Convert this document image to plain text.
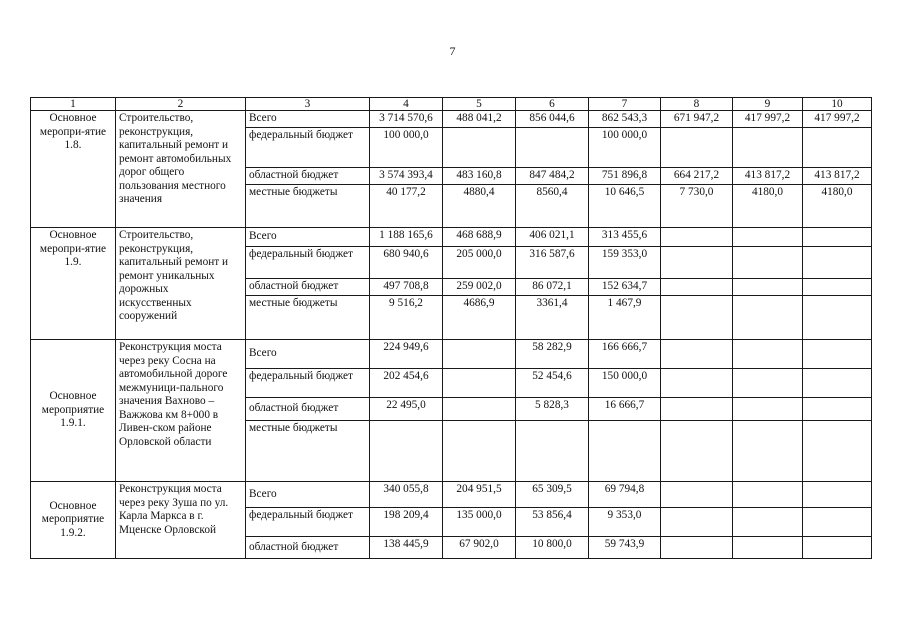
7
1	2	3	4	5	6	7	8	9	10
Основное меропри-ятие 1.8.	Строительство, реконструкция, капитальный ремонт и ремонт автомобильных дорог общего пользования местного значения	Всего	3 714 570,6	488 041,2	856 044,6	862 543,3	671 947,2	417 997,2	417 997,2
		федеральный бюджет	100 000,0			100 000,0			
		областной бюджет	3 574 393,4	483 160,8	847 484,2	751 896,8	664 217,2	413 817,2	413 817,2
		местные бюджеты	40 177,2	4880,4	8560,4	10 646,5	7 730,0	4180,0	4180,0
Основное меропри-ятие 1.9.	Строительство, реконструкция, капитальный ремонт и ремонт уникальных дорожных искусственных сооружений	Всего	1 188 165,6	468 688,9	406 021,1	313 455,6			
		федеральный бюджет	680 940,6	205 000,0	316 587,6	159 353,0			
		областной бюджет	497 708,8	259 002,0	86 072,1	152 634,7			
		местные бюджеты	9 516,2	4686,9	3361,4	1 467,9			
Основное мероприятие 1.9.1.	Реконструкция моста через реку Сосна на автомобильной дороге межмуници-пального значения Вахново – Важжова км 8+000 в Ливен-ском районе Орловской области	Всего	224 949,6		58 282,9	166 666,7			
		федеральный бюджет	202 454,6		52 454,6	150 000,0			
		областной бюджет	22 495,0		5 828,3	16 666,7			
		местные бюджеты							
Основное мероприятие 1.9.2.	Реконструкция моста через реку Зуша по ул. Карла Маркса в г. Мценске Орловской	Всего	340 055,8	204 951,5	65 309,5	69 794,8			
		федеральный бюджет	198 209,4	135 000,0	53 856,4	9 353,0			
		областной бюджет	138 445,9	67 902,0	10 800,0	59 743,9			
